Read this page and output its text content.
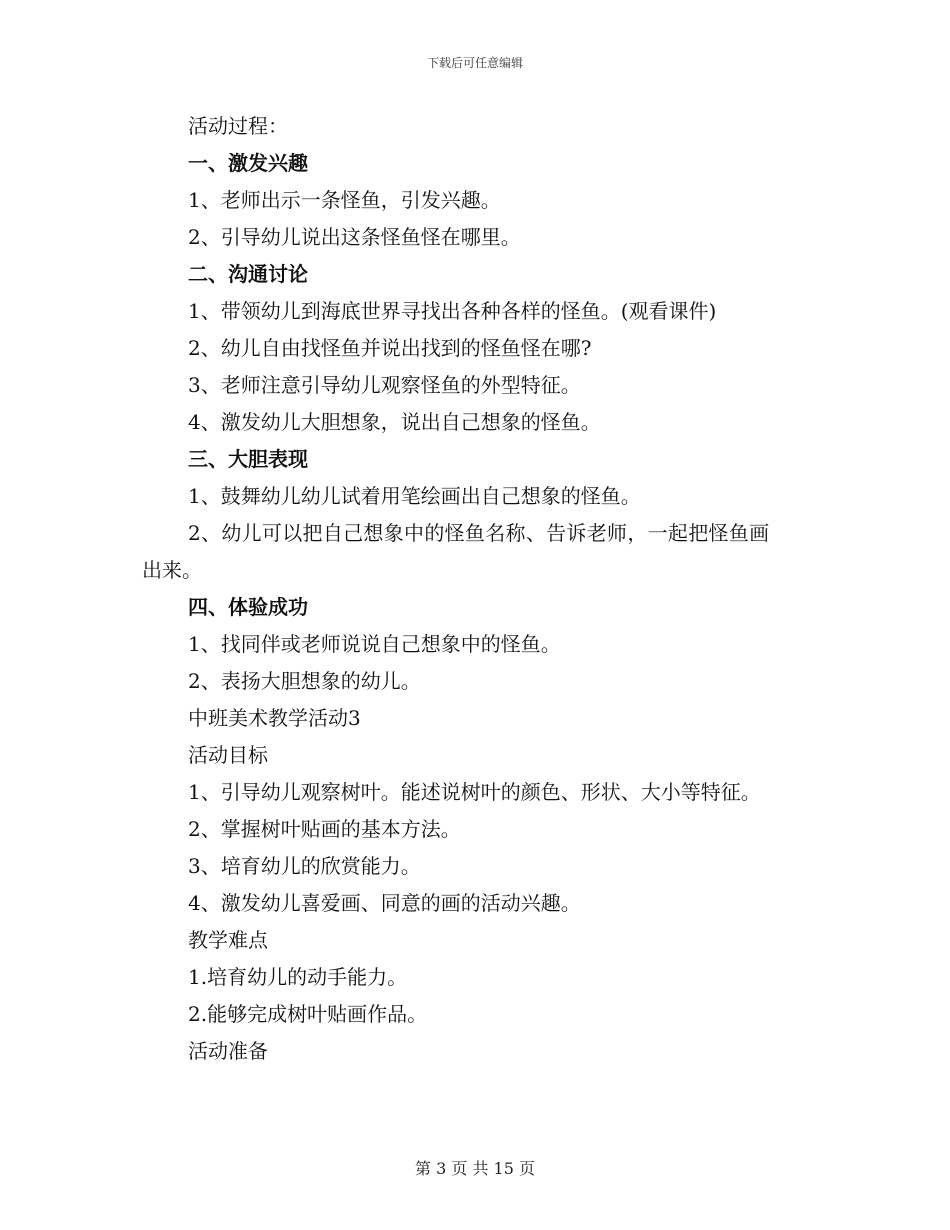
下载后可任意编辑
活动过程：
一、激发兴趣
1、老师出示一条怪鱼，引发兴趣。
2、引导幼儿说出这条怪鱼怪在哪里。
二、沟通讨论
1、带领幼儿到海底世界寻找出各种各样的怪鱼。(观看课件)
2、幼儿自由找怪鱼并说出找到的怪鱼怪在哪?
3、老师注意引导幼儿观察怪鱼的外型特征。
4、激发幼儿大胆想象，说出自己想象的怪鱼。
三、大胆表现
1、鼓舞幼儿幼儿试着用笔绘画出自己想象的怪鱼。
2、幼儿可以把自己想象中的怪鱼名称、告诉老师，一起把怪鱼画
出来。
四、体验成功
1、找同伴或老师说说自己想象中的怪鱼。
2、表扬大胆想象的幼儿。
中班美术教学活动3
活动目标
1、引导幼儿观察树叶。能述说树叶的颜色、形状、大小等特征。
2、掌握树叶贴画的基本方法。
3、培育幼儿的欣赏能力。
4、激发幼儿喜爱画、同意的画的活动兴趣。
教学难点
1.培育幼儿的动手能力。
2.能够完成树叶贴画作品。
活动准备
第 3 页 共 15 页
